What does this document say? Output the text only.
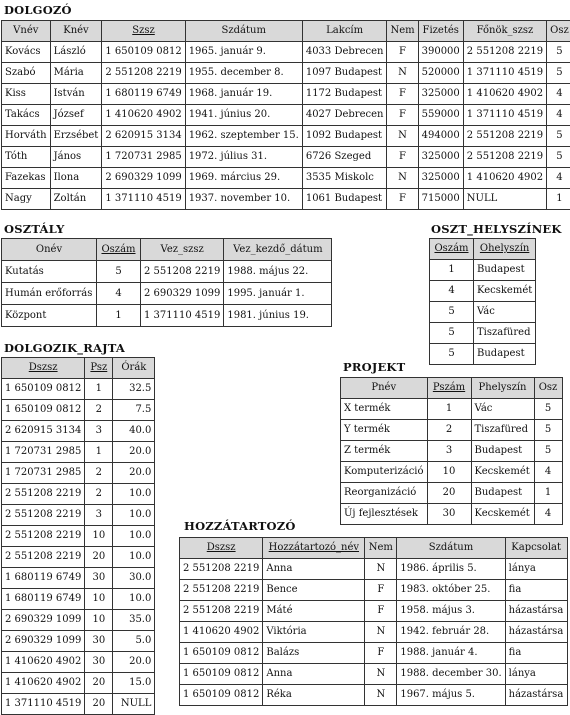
DOLGOZÓ
Vnév	Knév	Szsz	Szdátum	Lakcím	Nem	Fizetés	Főnök_szsz	Osz
Kovács	László	1 650109 0812	1965. január 9.	4033 Debrecen	F	390000	2 551208 2219	5
Szabó	Mária	2 551208 2219	1955. december 8.	1097 Budapest	N	520000	1 371110 4519	5
Kiss	István	1 680119 6749	1968. január 19.	1172 Budapest	F	325000	1 410620 4902	4
Takács	József	1 410620 4902	1941. június 20.	4027 Debrecen	F	559000	1 371110 4519	4
Horváth	Erzsébet	2 620915 3134	1962. szeptember 15.	1092 Budapest	N	494000	2 551208 2219	5
Tóth	János	1 720731 2985	1972. július 31.	6726 Szeged	F	325000	2 551208 2219	5
Fazekas	Ilona	2 690329 1099	1969. március 29.	3535 Miskolc	N	325000	1 410620 4902	4
Nagy	Zoltán	1 371110 4519	1937. november 10.	1061 Budapest	F	715000	NULL	1
OSZTÁLY
Onév	Oszám	Vez_szsz	Vez_kezdő_dátum
Kutatás	5	2 551208 2219	1988. május 22.
Humán erőforrás	4	2 690329 1099	1995. január 1.
Központ	1	1 371110 4519	1981. június 19.
OSZT_HELYSZÍNEK
Oszám	Ohelyszín
1	Budapest
4	Kecskemét
5	Vác
5	Tiszafüred
5	Budapest
DOLGOZIK_RAJTA
Dszsz	Psz	Órák
1 650109 0812	1	32.5
1 650109 0812	2	7.5
2 620915 3134	3	40.0
1 720731 2985	1	20.0
1 720731 2985	2	20.0
2 551208 2219	2	10.0
2 551208 2219	3	10.0
2 551208 2219	10	10.0
2 551208 2219	20	10.0
1 680119 6749	30	30.0
1 680119 6749	10	10.0
2 690329 1099	10	35.0
2 690329 1099	30	5.0
1 410620 4902	30	20.0
1 410620 4902	20	15.0
1 371110 4519	20	NULL
PROJEKT
Pnév	Pszám	Phelyszín	Osz
X termék	1	Vác	5
Y termék	2	Tiszafüred	5
Z termék	3	Budapest	5
Komputerizáció	10	Kecskemét	4
Reorganizáció	20	Budapest	1
Új fejlesztések	30	Kecskemét	4
HOZZÁTARTOZÓ
Dszsz	Hozzátartozó_név	Nem	Szdátum	Kapcsolat
2 551208 2219	Anna	N	1986. április 5.	lánya
2 551208 2219	Bence	F	1983. október 25.	fia
2 551208 2219	Máté	F	1958. május 3.	házastársa
1 410620 4902	Viktória	N	1942. február 28.	házastársa
1 650109 0812	Balázs	F	1988. január 4.	fia
1 650109 0812	Anna	N	1988. december 30.	lánya
1 650109 0812	Réka	N	1967. május 5.	házastársa
